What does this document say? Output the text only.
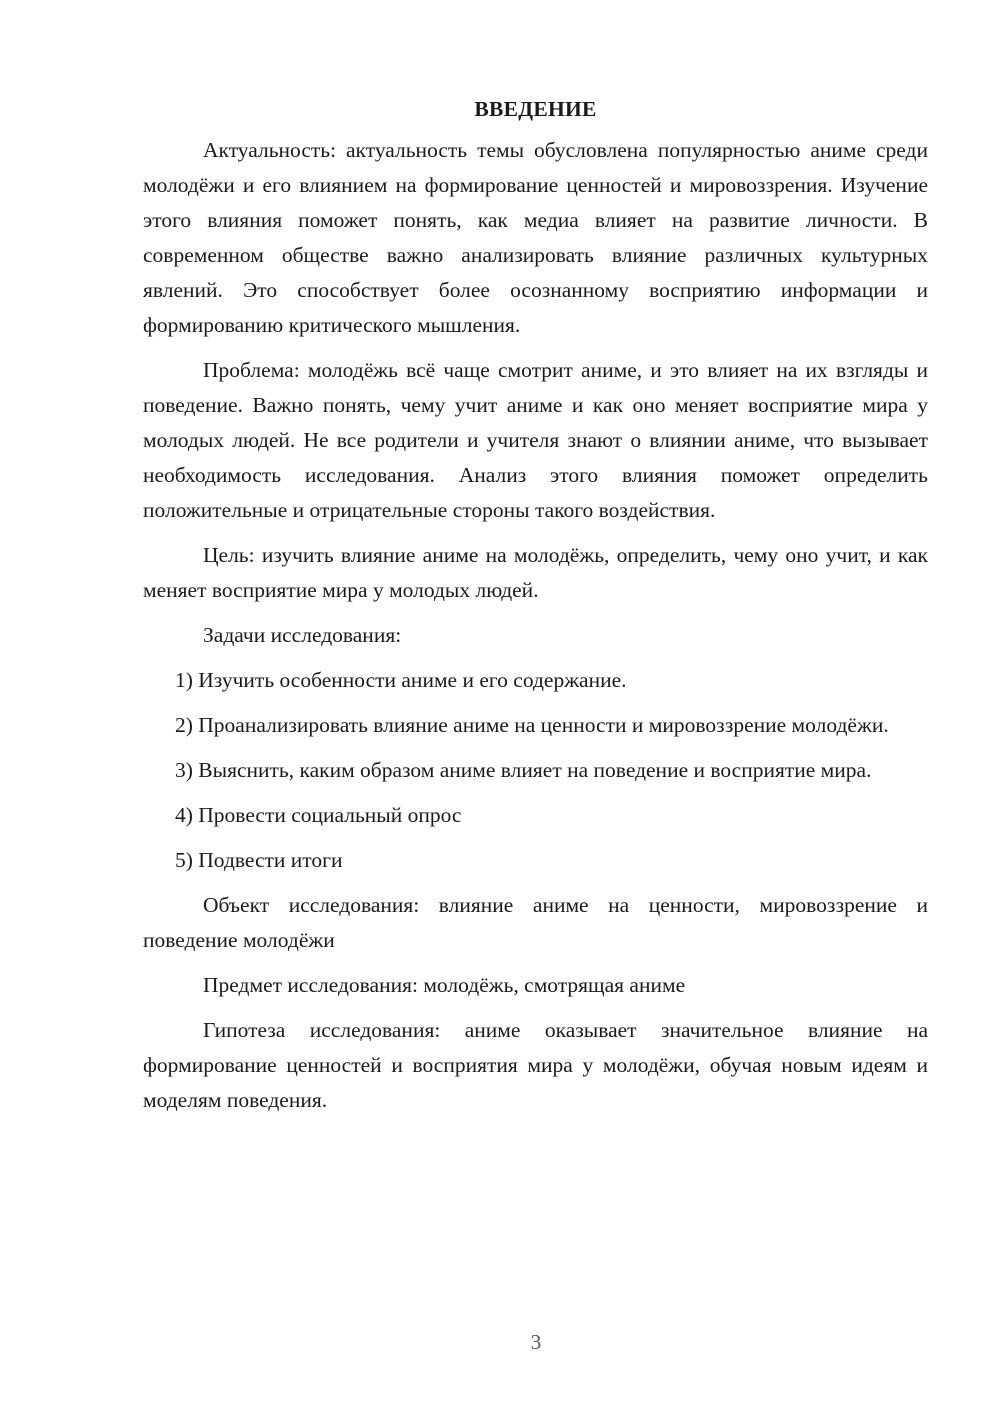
ВВЕДЕНИЕ

Актуальность: актуальность темы обусловлена популярностью аниме среди молодёжи и его влиянием на формирование ценностей и мировоззрения. Изучение этого влияния поможет понять, как медиа влияет на развитие личности. В современном обществе важно анализировать влияние различных культурных явлений. Это способствует более осознанному восприятию информации и формированию критического мышления.

Проблема: молодёжь всё чаще смотрит аниме, и это влияет на их взгляды и поведение. Важно понять, чему учит аниме и как оно меняет восприятие мира у молодых людей. Не все родители и учителя знают о влиянии аниме, что вызывает необходимость исследования. Анализ этого влияния поможет определить положительные и отрицательные стороны такого воздействия.

Цель: изучить влияние аниме на молодёжь, определить, чему оно учит, и как меняет восприятие мира у молодых людей.

Задачи исследования:

1) Изучить особенности аниме и его содержание.

2) Проанализировать влияние аниме на ценности и мировоззрение молодёжи.

3) Выяснить, каким образом аниме влияет на поведение и восприятие мира.

4) Провести социальный опрос

5) Подвести итоги

Объект исследования: влияние аниме на ценности, мировоззрение и поведение молодёжи

Предмет исследования: молодёжь, смотрящая аниме

Гипотеза исследования: аниме оказывает значительное влияние на формирование ценностей и восприятия мира у молодёжи, обучая новым идеям и моделям поведения.

3
